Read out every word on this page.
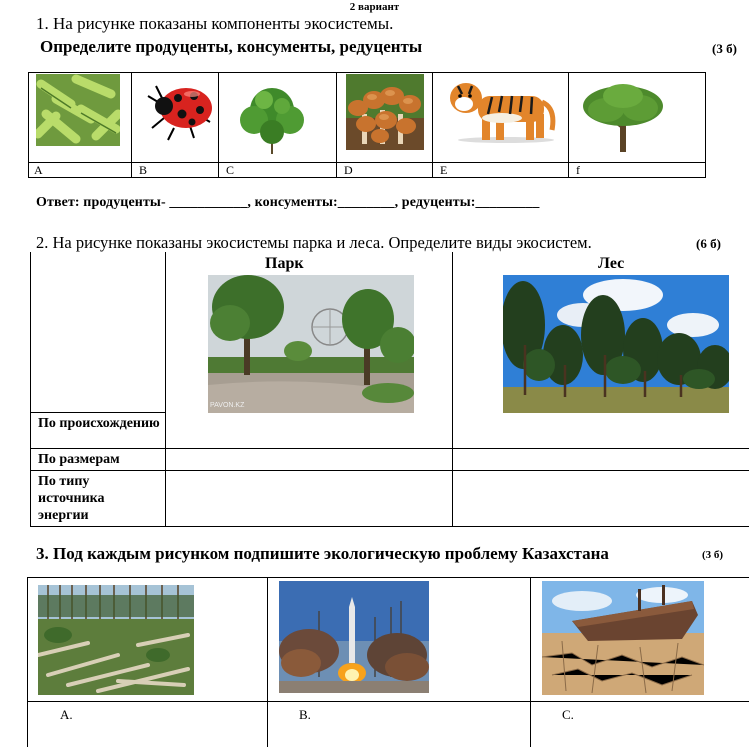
2 вариант
1. На рисунке показаны компоненты экосистемы.
Определите продуценты, консументы, редуценты	(3 б)
A	B	C	D	E	f
Ответ: продуценты- ___________, консументы:________, редуценты:_________
2. На рисунке показаны экосистемы парка и леса. Определите виды экосистем.	(6 б)
Парк	Лес
PAVON.KZ
По происхождению
По размерам
По типу источника энергии
3. Под каждым рисунком подпишите экологическую проблему Казахстана	(3 б)
A.	B.	C.
